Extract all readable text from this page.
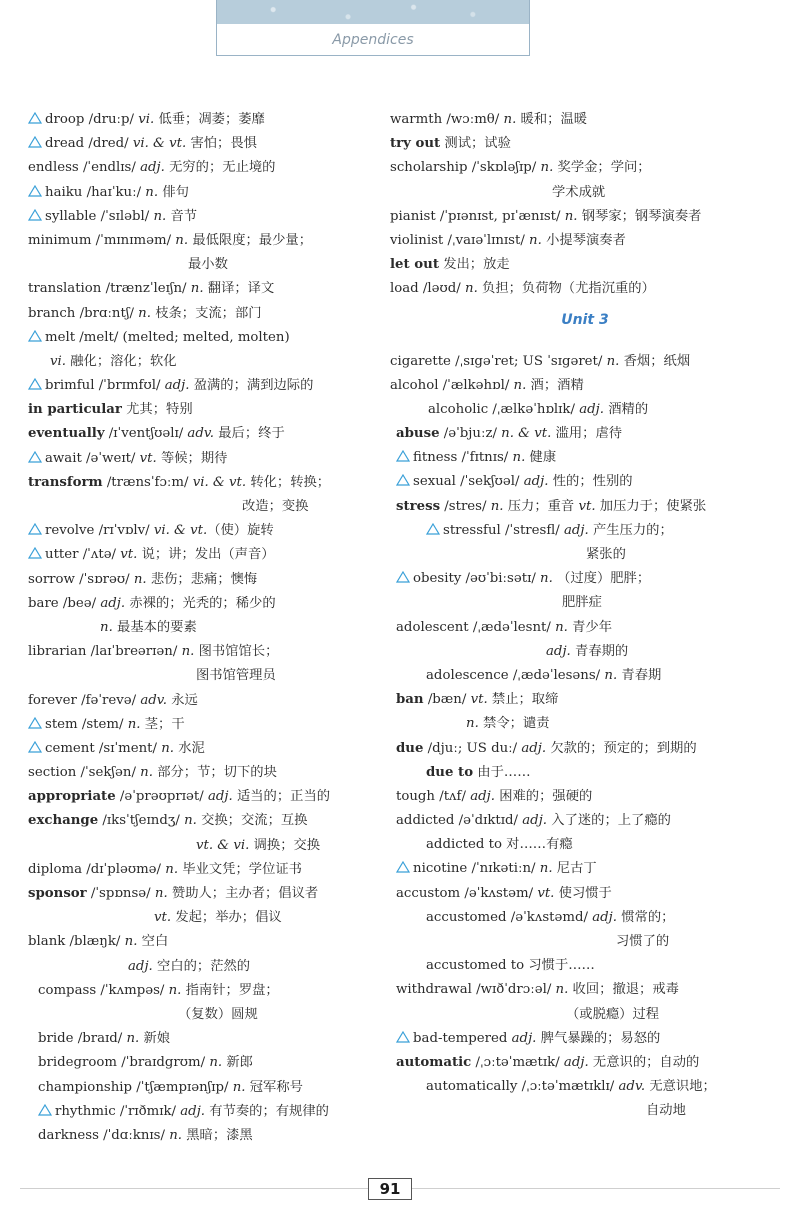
Appendices
droop /druːp/ vi. 低垂；凋萎；萎靡
dread /dred/ vi. & vt. 害怕；畏惧
endless /ˈendlɪs/ adj. 无穷的；无止境的
haiku /haɪˈkuː/ n. 俳句
syllable /ˈsɪləbl/ n. 音节
minimum /ˈmɪnɪməm/ n. 最低限度；最少量；
最小数
translation /trænzˈleɪʃn/ n. 翻译；译文
branch /brɑːntʃ/ n. 枝条；支流；部门
melt /melt/ (melted; melted, molten)
vi. 融化；溶化；软化
brimful /ˈbrɪmfʊl/ adj. 盈满的；满到边际的
in particular 尤其；特别
eventually /ɪˈventʃʊəlɪ/ adv. 最后；终于
await /əˈweɪt/ vt. 等候；期待
transform /trænsˈfɔːm/ vi. & vt. 转化；转换；
改造；变换
revolve /rɪˈvɒlv/ vi. & vt.（使）旋转
utter /ˈʌtə/ vt. 说；讲；发出（声音）
sorrow /ˈsɒrəʊ/ n. 悲伤；悲痛；懊悔
bare /beə/ adj. 赤裸的；光秃的；稀少的
n. 最基本的要素
librarian /laɪˈbreərɪən/ n. 图书馆馆长；
图书馆管理员
forever /fəˈrevə/ adv. 永远
stem /stem/ n. 茎；干
cement /sɪˈment/ n. 水泥
section /ˈsekʃən/ n. 部分；节；切下的块
appropriate /əˈprəʊprɪət/ adj. 适当的；正当的
exchange /ɪksˈtʃeɪndʒ/ n. 交换；交流；互换
vt. & vi. 调换；交换
diploma /dɪˈpləʊmə/ n. 毕业文凭；学位证书
sponsor /ˈspɒnsə/ n. 赞助人；主办者；倡议者
vt. 发起；举办；倡议
blank /blæŋk/ n. 空白
adj. 空白的；茫然的
compass /ˈkʌmpəs/ n. 指南针；罗盘；
（复数）圆规
bride /braɪd/ n. 新娘
bridegroom /ˈbraɪdgrʊm/ n. 新郎
championship /ˈtʃæmpɪənʃɪp/ n. 冠军称号
rhythmic /ˈrɪðmɪk/ adj. 有节奏的；有规律的
darkness /ˈdɑːknɪs/ n. 黑暗；漆黑
warmth /wɔːmθ/ n. 暖和；温暖
try out 测试；试验
scholarship /ˈskɒləʃɪp/ n. 奖学金；学问；
学术成就
pianist /ˈpɪənɪst, pɪˈænɪst/ n. 钢琴家；钢琴演奏者
violinist /ˌvaɪəˈlɪnɪst/ n. 小提琴演奏者
let out 发出；放走
load /ləʊd/ n. 负担；负荷物（尤指沉重的）
Unit 3
cigarette /ˌsɪgəˈret; US ˈsɪgəret/ n. 香烟；纸烟
alcohol /ˈælkəhɒl/ n. 酒；酒精
alcoholic /ˌælkəˈhɒlɪk/ adj. 酒精的
abuse /əˈbjuːz/ n. & vt. 滥用；虐待
fitness /ˈfɪtnɪs/ n. 健康
sexual /ˈsekʃʊəl/ adj. 性的；性别的
stress /stres/ n. 压力；重音 vt. 加压力于；使紧张
stressful /ˈstresfl/ adj. 产生压力的；
紧张的
obesity /əʊˈbiːsətɪ/ n. （过度）肥胖；
肥胖症
adolescent /ˌædəˈlesnt/ n. 青少年
adj. 青春期的
adolescence /ˌædəˈlesəns/ n. 青春期
ban /bæn/ vt. 禁止；取缔
n. 禁令；谴责
due /djuː; US duː/ adj. 欠款的；预定的；到期的
due to 由于……
tough /tʌf/ adj. 困难的；强硬的
addicted /əˈdɪktɪd/ adj. 入了迷的；上了瘾的
addicted to 对……有瘾
nicotine /ˈnɪkətiːn/ n. 尼古丁
accustom /əˈkʌstəm/ vt. 使习惯于
accustomed /əˈkʌstəmd/ adj. 惯常的；
习惯了的
accustomed to 习惯于……
withdrawal /wɪðˈdrɔːəl/ n. 收回；撤退；戒毒
（或脱瘾）过程
bad-tempered adj. 脾气暴躁的；易怒的
automatic /ˌɔːtəˈmætɪk/ adj. 无意识的；自动的
automatically /ˌɔːtəˈmætɪklɪ/ adv. 无意识地；
自动地
91
